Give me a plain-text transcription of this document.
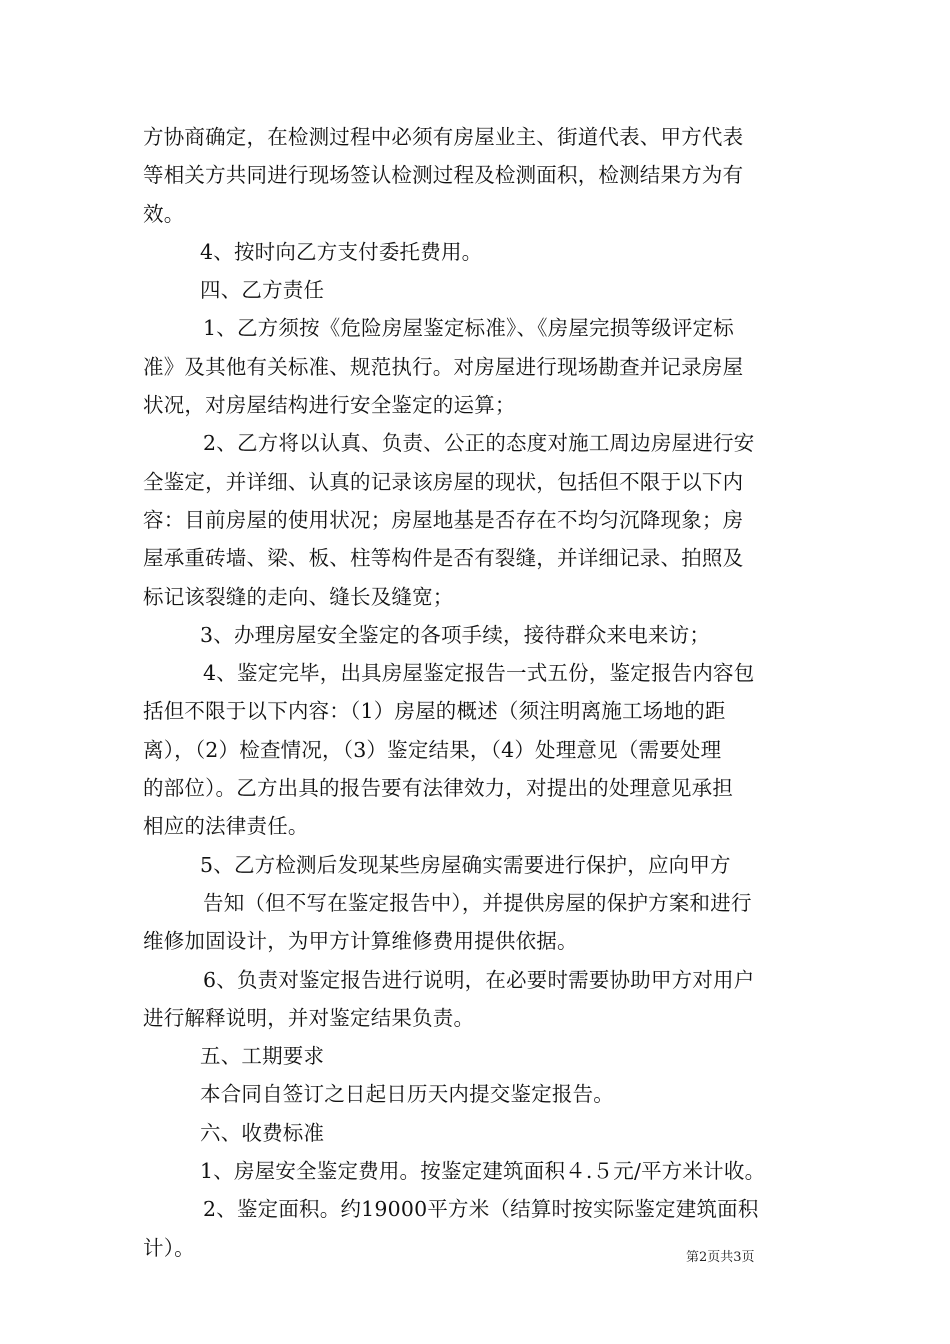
方协商确定，在检测过程中必须有房屋业主、街道代表、甲方代表
等相关方共同进行现场签认检测过程及检测面积，检测结果方为有
效。
4、按时向乙方支付委托费用。
四、乙方责任
1、乙方须按《危险房屋鉴定标准》、《房屋完损等级评定标
准》及其他有关标准、规范执行。对房屋进行现场勘查并记录房屋
状况，对房屋结构进行安全鉴定的运算；
2、乙方将以认真、负责、公正的态度对施工周边房屋进行安
全鉴定，并详细、认真的记录该房屋的现状，包括但不限于以下内
容：目前房屋的使用状况；房屋地基是否存在不均匀沉降现象；房
屋承重砖墙、梁、板、柱等构件是否有裂缝，并详细记录、拍照及
标记该裂缝的走向、缝长及缝宽；
3、办理房屋安全鉴定的各项手续，接待群众来电来访；
4、鉴定完毕，出具房屋鉴定报告一式五份，鉴定报告内容包
括但不限于以下内容：（1）房屋的概述（须注明离施工场地的距
离），（2）检查情况，（3）鉴定结果，（4）处理意见（需要处理
的部位）。乙方出具的报告要有法律效力，对提出的处理意见承担
相应的法律责任。
5、乙方检测后发现某些房屋确实需要进行保护，应向甲方
告知（但不写在鉴定报告中），并提供房屋的保护方案和进行
维修加固设计，为甲方计算维修费用提供依据。
6、负责对鉴定报告进行说明，在必要时需要协助甲方对用户
进行解释说明，并对鉴定结果负责。
五、工期要求
本合同自签订之日起日历天内提交鉴定报告。
六、收费标准
1、房屋安全鉴定费用。按鉴定建筑面积４.５元/平方米计收。
2、鉴定面积。约19000平方米（结算时按实际鉴定建筑面积
计）。	第2页共3页
